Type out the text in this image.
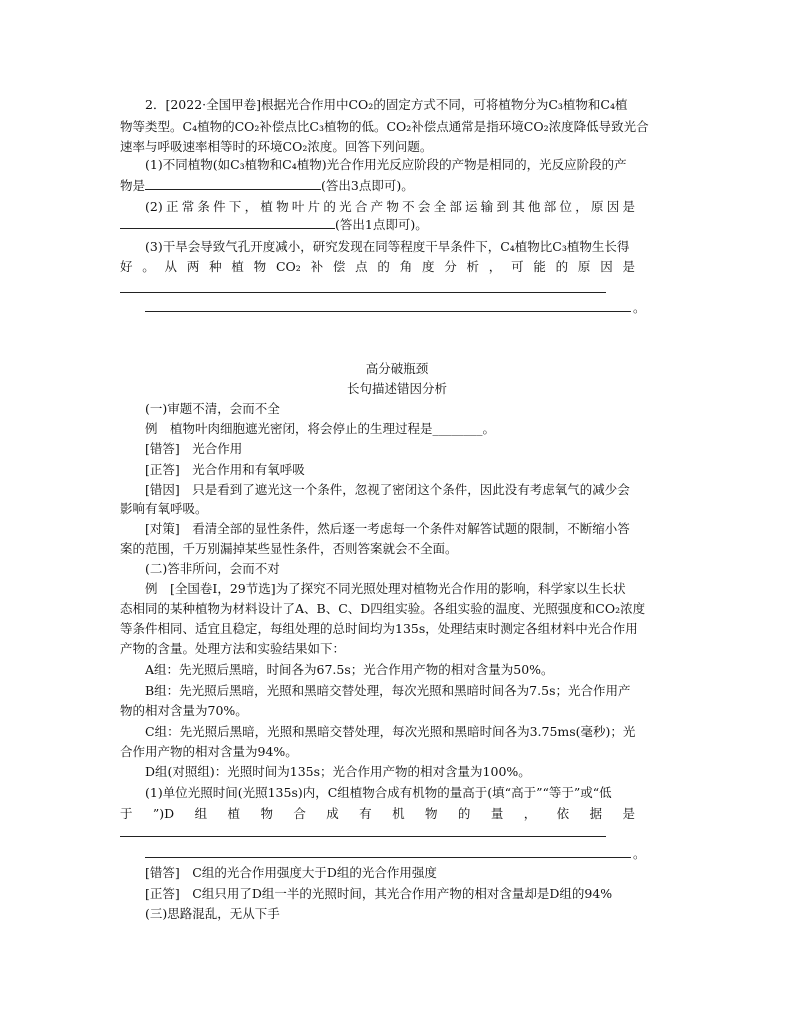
2．[2022·全国甲卷]根据光合作用中CO₂的固定方式不同，可将植物分为C₃植物和C₄植
物等类型。C₄植物的CO₂补偿点比C₃植物的低。CO₂补偿点通常是指环境CO₂浓度降低导致光合
速率与呼吸速率相等时的环境CO₂浓度。回答下列问题。
(1)不同植物(如C₃植物和C₄植物)光合作用光反应阶段的产物是相同的，光反应阶段的产
物是	(答出3点即可)。
(2)正常条件下，植物叶片的光合产物不会全部运输到其他部位，原因是
(答出1点即可)。
(3)干旱会导致气孔开度减小，研究发现在同等程度干旱条件下，C₄植物比C₃植物生长得
好。从两种植物CO₂补偿点的角度分析，可能的原因是
。
高分破瓶颈
长句描述错因分析
(一)审题不清，会而不全
例　植物叶肉细胞遮光密闭，将会停止的生理过程是________。
[错答]　 光合作用
[正答]　 光合作用和有氧呼吸
[错因]　 只是看到了遮光这一个条件，忽视了密闭这个条件，因此没有考虑氧气的减少会
影响有氧呼吸。
[对策]　 看清全部的显性条件，然后逐一考虑每一个条件对解答试题的限制，不断缩小答
案的范围，千万别漏掉某些显性条件，否则答案就会不全面。
(二)答非所问，会而不对
例　[全国卷Ⅰ，29节选]为了探究不同光照处理对植物光合作用的影响，科学家以生长状
态相同的某种植物为材料设计了A、B、C、D四组实验。各组实验的温度、光照强度和CO₂浓度
等条件相同、适宜且稳定，每组处理的总时间均为135s，处理结束时测定各组材料中光合作用
产物的含量。处理方法和实验结果如下：
A组：先光照后黑暗，时间各为67.5s；光合作用产物的相对含量为50%。
B组：先光照后黑暗，光照和黑暗交替处理，每次光照和黑暗时间各为7.5s；光合作用产
物的相对含量为70%。
C组：先光照后黑暗，光照和黑暗交替处理，每次光照和黑暗时间各为3.75ms(毫秒)；光
合作用产物的相对含量为94%。
D组(对照组)：光照时间为135s；光合作用产物的相对含量为100%。
(1)单位光照时间(光照135s)内，C组植物合成有机物的量高于(填“高于”“等于”或“低
于”)D组植物合成有机物的量，依据是
。
[错答]　 C组的光合作用强度大于D组的光合作用强度
[正答]　 C组只用了D组一半的光照时间，其光合作用产物的相对含量却是D组的94%
(三)思路混乱，无从下手
